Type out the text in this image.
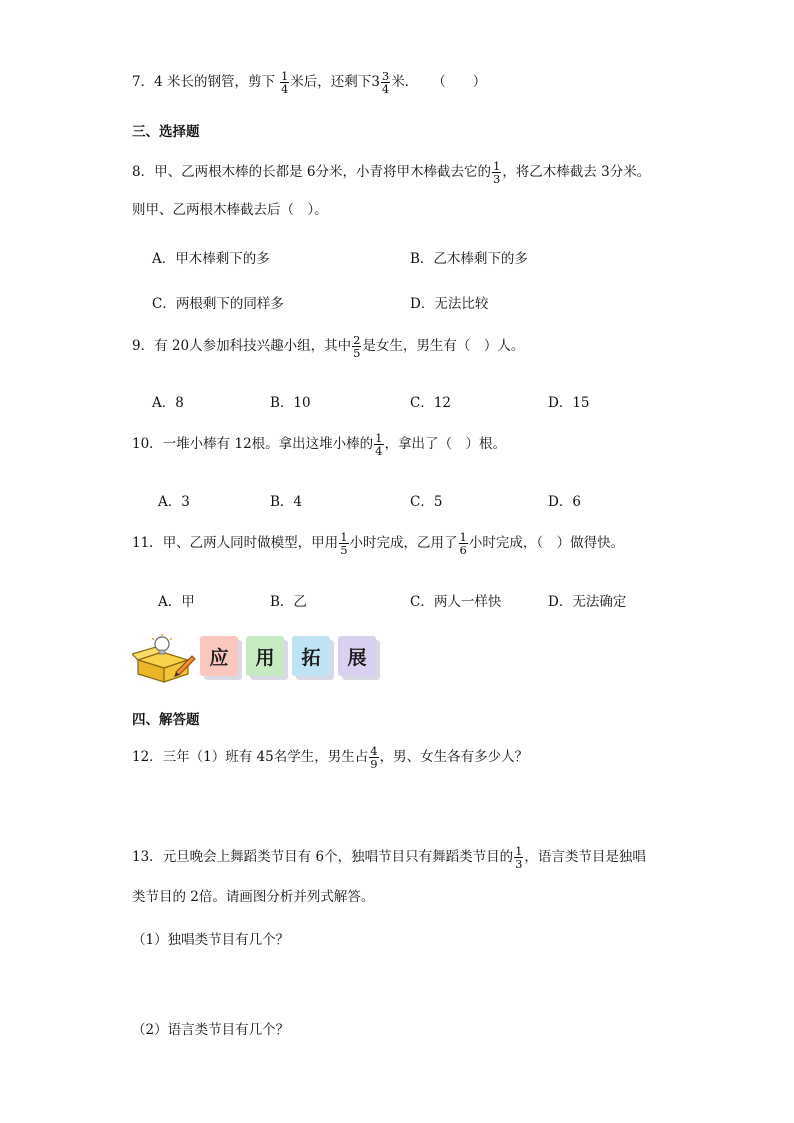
7． 4 米长的钢管，剪下 $\frac{1}{4}$ 米后，还剩下 $3 \frac{3}{4}$ 米． （　　）
三、选择题
8． 甲、乙两根木棒的长都是 6分米，小青将甲木棒截去它的 $\frac{1}{3}$ ，将乙木棒截去 3分米。
则甲、乙两根木棒截去后（　）。
A．甲木棒剩下的多	B．乙木棒剩下的多
C．两根剩下的同样多	D．无法比较
9． 有 20人参加科技兴趣小组，其中 $\frac{2}{5}$ 是女生，男生有（　）人。
A．8	B．10	C．12	D．15
10． 一堆小棒有 12根。拿出这堆小棒的 $\frac{1}{4}$ ，拿出了（　）根。
A．3	B．4	C．5	D．6
11． 甲、乙两人同时做模型，甲用 $\frac{1}{5}$ 小时完成，乙用了 $\frac{1}{6}$ 小时完成，（　）做得快。
A．甲	B．乙	C．两人一样快	D．无法确定
应	用	拓	展
四、解答题
12． 三年（1）班有 45名学生，男生占 $\frac{4}{9}$ ，男、女生各有多少人？
13． 元旦晚会上舞蹈类节目有 6个，独唱节目只有舞蹈类节目的 $\frac{1}{3}$ ，语言类节目是独唱
类节目的 2倍。请画图分析并列式解答。
（1）独唱类节目有几个？
（2）语言类节目有几个？
